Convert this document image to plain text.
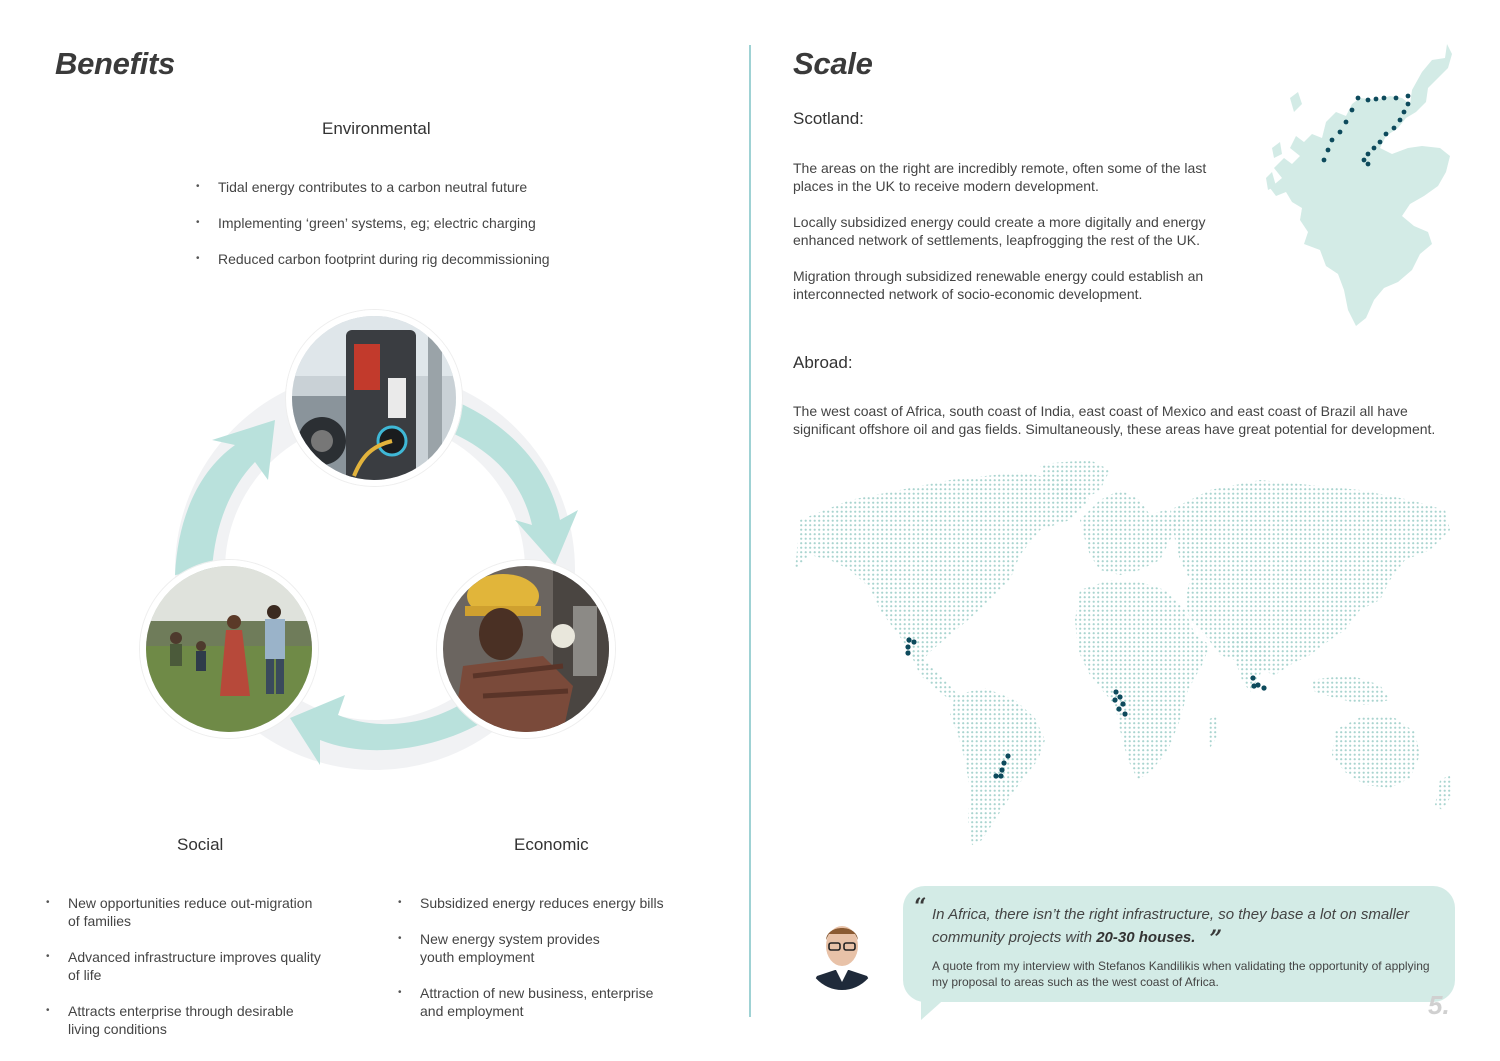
Benefits
Environmental
• Tidal energy contributes to a carbon neutral future
• Implementing ‘green’ systems, eg; electric charging
• Reduced carbon footprint during rig decommissioning
Social	Economic
• New opportunities reduce out-migration of families
• Advanced infrastructure improves quality of life
• Attracts enterprise through desirable living conditions
• Subsidized energy reduces energy bills
• New energy system provides youth employment
• Attraction of new business, enterprise and employment
Scale
Scotland:
The areas on the right are incredibly remote, often some of the last places in the UK to receive modern development.
Locally subsidized energy could create a more digitally and energy enhanced network of settlements, leapfrogging the rest of the UK.
Migration through subsidized renewable energy could establish an interconnected network of socio-economic development.
Abroad:
The west coast of Africa, south coast of India, east coast of Mexico and east coast of Brazil all have significant offshore oil and gas fields. Simultaneously, these areas have great potential for development.
“ In Africa, there isn’t the right infrastructure, so they base a lot on smaller community projects with 20-30 houses. ”
A quote from my interview with Stefanos Kandilikis when validating the opportunity of applying my proposal to areas such as the west coast of Africa.
5.
